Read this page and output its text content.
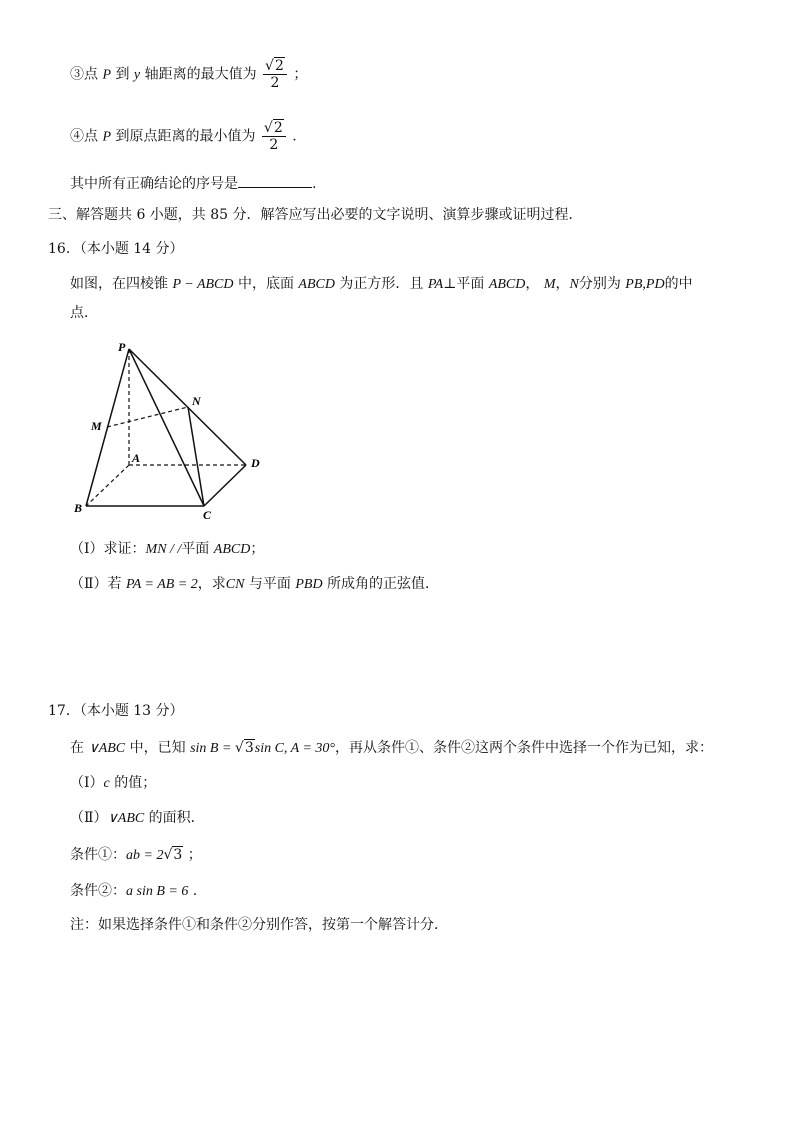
③点 P 到 y 轴距离的最大值为 $\frac{√2}{2}$ ；
④点 P 到原点距离的最小值为 $\frac{√2}{2}$ .
其中所有正确结论的序号是	.
三、解答题共 6 小题，共 85 分．解答应写出必要的文字说明、演算步骤或证明过程．
16．（本小题 14 分）
如图，在四棱锥 P − ABCD 中，底面 ABCD 为正方形．且 PA⊥平面 ABCD， M，N分别为 PB,PD的中
点．
P
N
M
A	D
B	C
（Ⅰ）求证：MN / /平面 ABCD；
（Ⅱ）若 PA = AB = 2，求CN 与平面 PBD 所成角的正弦值．
17．（本小题 13 分）
在 ∨ABC 中，已知 sin B = √3sin C, A = 30°，再从条件①、条件②这两个条件中选择一个作为已知，求：
（Ⅰ）c 的值；
（Ⅱ）∨ABC 的面积．
条件①：ab = 2√3 ；
条件②：a sin B = 6 .
注：如果选择条件①和条件②分别作答，按第一个解答计分．
